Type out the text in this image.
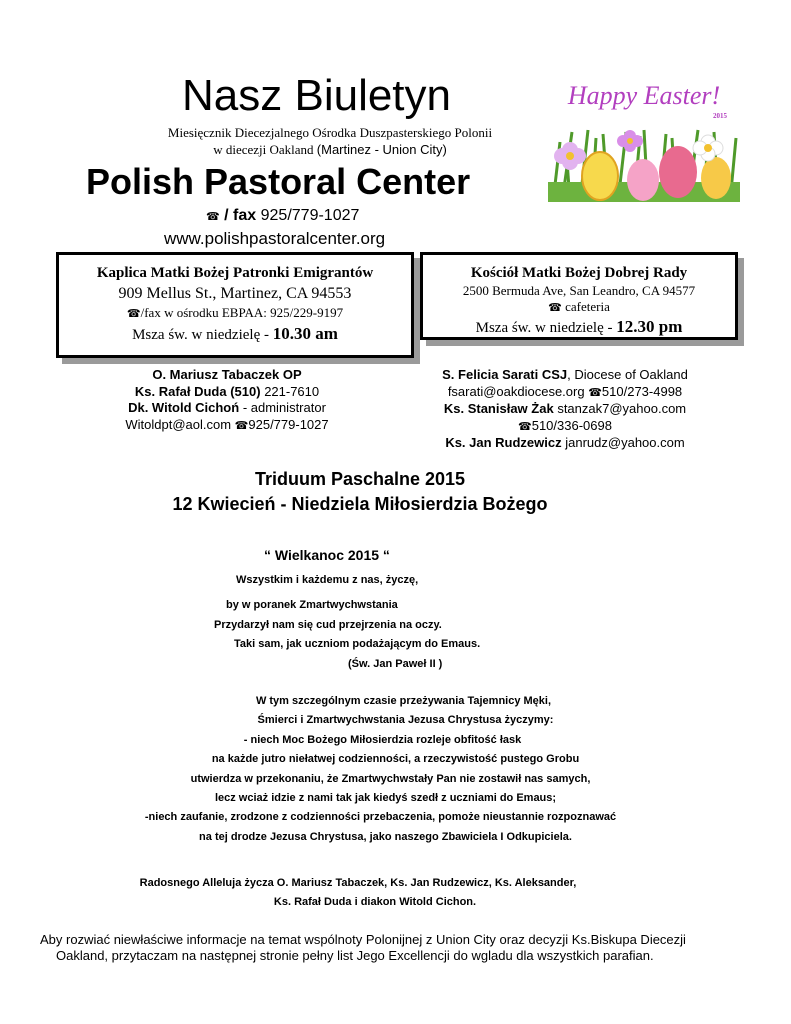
Nasz Biuletyn
Miesięcznik Diecezjalnego Ośrodka Duszpasterskiego Polonii
w diecezji Oakland (Martinez - Union City)
Polish Pastoral Center
☎ / fax 925/779-1027
www.polishpastoralcenter.org
Happy Easter!
2015
Kaplica Matki Bożej Patronki Emigrantów
909 Mellus St., Martinez, CA 94553
☎/fax w ośrodku EBPAA: 925/229-9197
Msza św. w niedzielę - 10.30 am
Kościół Matki Bożej Dobrej Rady
2500 Bermuda Ave, San Leandro, CA 94577
☎ cafeteria
Msza św. w niedzielę - 12.30 pm
O. Mariusz Tabaczek OP
Ks. Rafał Duda (510) 221-7610
Dk. Witold Cichoń - administrator
Witoldpt@aol.com ☎925/779-1027
S. Felicia Sarati CSJ, Diocese of Oakland
fsarati@oakdiocese.org ☎510/273-4998
Ks. Stanisław Żak stanzak7@yahoo.com
☎510/336-0698
Ks. Jan Rudzewicz janrudz@yahoo.com
Triduum Paschalne 2015
12 Kwiecień - Niedziela Miłosierdzia Bożego
“ Wielkanoc 2015 “
Wszystkim i każdemu z nas, życzę,
by w poranek Zmartwychwstania
Przydarzył nam się cud przejrzenia na oczy.
Taki sam, jak uczniom podażającym do Emaus.
(Św. Jan Paweł II )
W tym szczególnym czasie przeżywania Tajemnicy Męki,
Śmierci i Zmartwychwstania Jezusa Chrystusa życzymy:
- niech Moc Bożego Miłosierdzia rozleje obfitość łask
na każde jutro niełatwej codzienności, a rzeczywistość pustego Grobu
utwierdza w przekonaniu, że Zmartwychwstały Pan nie zostawił nas samych,
lecz wciaż idzie z nami tak jak kiedyś szedł z uczniami do Emaus;
-niech zaufanie, zrodzone z codzienności przebaczenia, pomoże nieustannie rozpoznawać
na tej drodze Jezusa Chrystusa, jako naszego Zbawiciela I Odkupiciela.
Radosnego Alleluja życza O. Mariusz Tabaczek, Ks. Jan Rudzewicz, Ks. Aleksander,
Ks. Rafał Duda i diakon Witold Cichon.
Aby rozwiać niewłaściwe informacje na temat wspólnoty Polonijnej z Union City oraz decyzji Ks.Biskupa Diecezji
Oakland, przytaczam na następnej stronie pełny list Jego Excellencji do wgladu dla wszystkich parafian.
